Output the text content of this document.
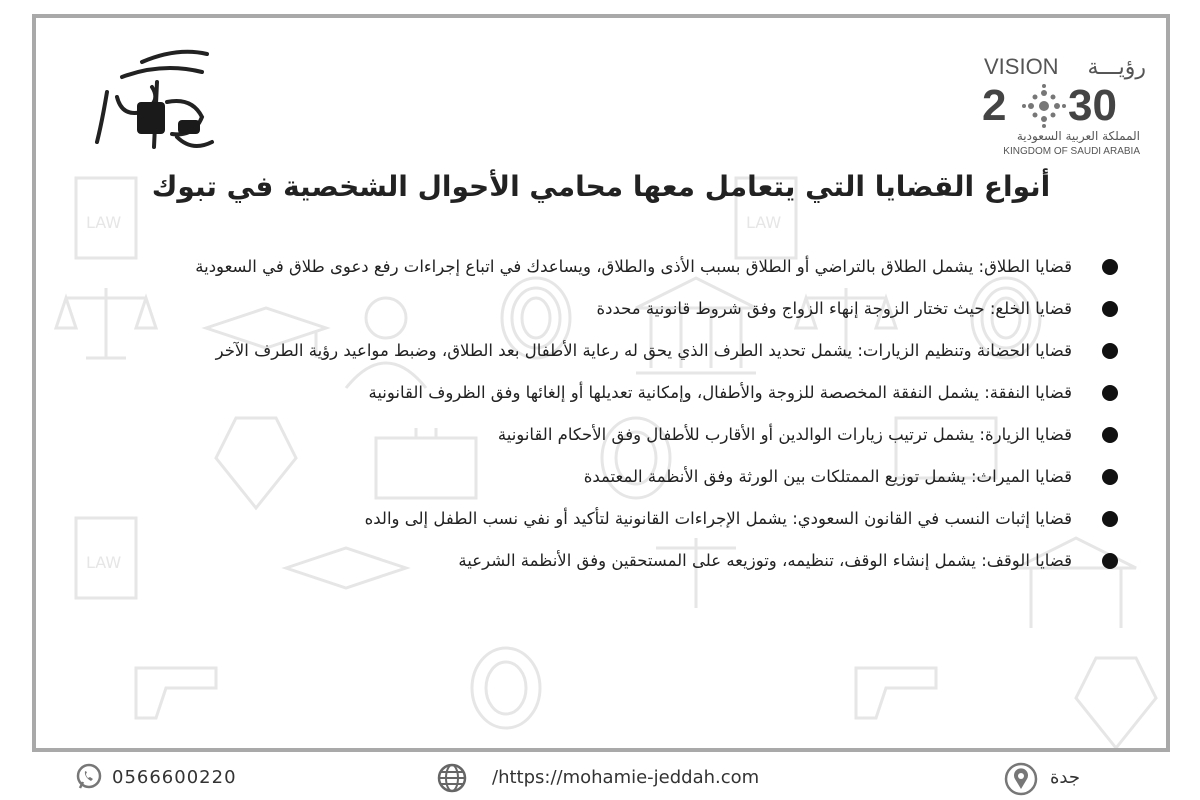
LAW	LAW
LAW
VISION رؤيـــة
2 30
المملكة العربية السعودية
KINGDOM OF SAUDI ARABIA
أنواع القضايا التي يتعامل معها محامي الأحوال الشخصية في تبوك
قضايا الطلاق: يشمل الطلاق بالتراضي أو الطلاق بسبب الأذى والطلاق، ويساعدك في اتباع إجراءات رفع دعوى طلاق في السعودية
قضايا الخلع: حيث تختار الزوجة إنهاء الزواج وفق شروط قانونية محددة
قضايا الحضانة وتنظيم الزيارات: يشمل تحديد الطرف الذي يحق له رعاية الأطفال بعد الطلاق، وضبط مواعيد رؤية الطرف الآخر
قضايا النفقة: يشمل النفقة المخصصة للزوجة والأطفال، وإمكانية تعديلها أو إلغائها وفق الظروف القانونية
قضايا الزيارة: يشمل ترتيب زيارات الوالدين أو الأقارب للأطفال وفق الأحكام القانونية
قضايا الميراث: يشمل توزيع الممتلكات بين الورثة وفق الأنظمة المعتمدة
قضايا إثبات النسب في القانون السعودي: يشمل الإجراءات القانونية لتأكيد أو نفي نسب الطفل إلى والده
قضايا الوقف: يشمل إنشاء الوقف، تنظيمه، وتوزيعه على المستحقين وفق الأنظمة الشرعية
0566600220	/https://mohamie-jeddah.com	جدة
